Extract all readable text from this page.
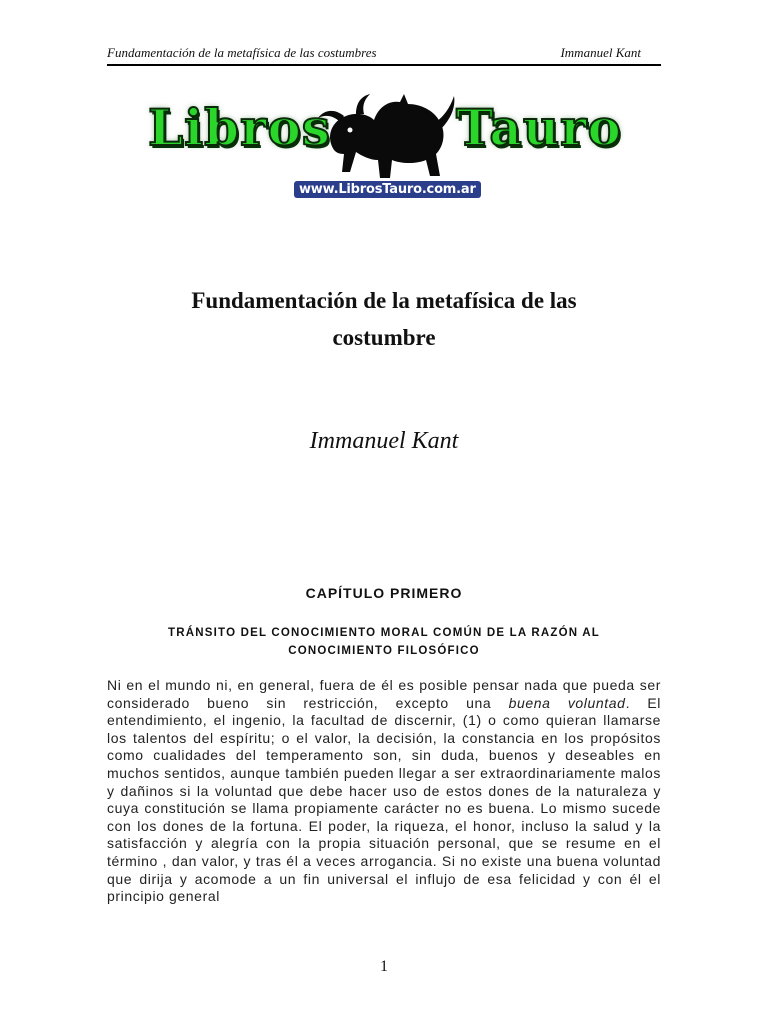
Fundamentación de la metafísica de las costumbres	Immanuel Kant
Libros	Tauro
www.LibrosTauro.com.ar
Fundamentación de la metafísica de las
costumbre

Immanuel Kant

CAPÍTULO PRIMERO
TRÁNSITO DEL CONOCIMIENTO MORAL COMÚN DE LA RAZÓN AL
CONOCIMIENTO FILOSÓFICO

Ni en el mundo ni, en general, fuera de él es posible pensar nada que pueda ser considerado bueno sin restricción, excepto una buena voluntad. El entendimiento, el ingenio, la facultad de discernir, (1) o como quieran llamarse los talentos del espíritu; o el valor, la decisión, la constancia en los propósitos como cualidades del temperamento son, sin duda, buenos y deseables en muchos sentidos, aunque también pueden llegar a ser extraordinariamente malos y dañinos si la voluntad que debe hacer uso de estos dones de la naturaleza y cuya constitución se llama propiamente carácter no es buena. Lo mismo sucede con los dones de la fortuna. El poder, la riqueza, el honor, incluso la salud y la satisfacción y alegría con la propia situación personal, que se resume en el término , dan valor, y tras él a veces arrogancia. Si no existe una buena voluntad que dirija y acomode a un fin universal el influjo de esa felicidad y con él el principio general

1
